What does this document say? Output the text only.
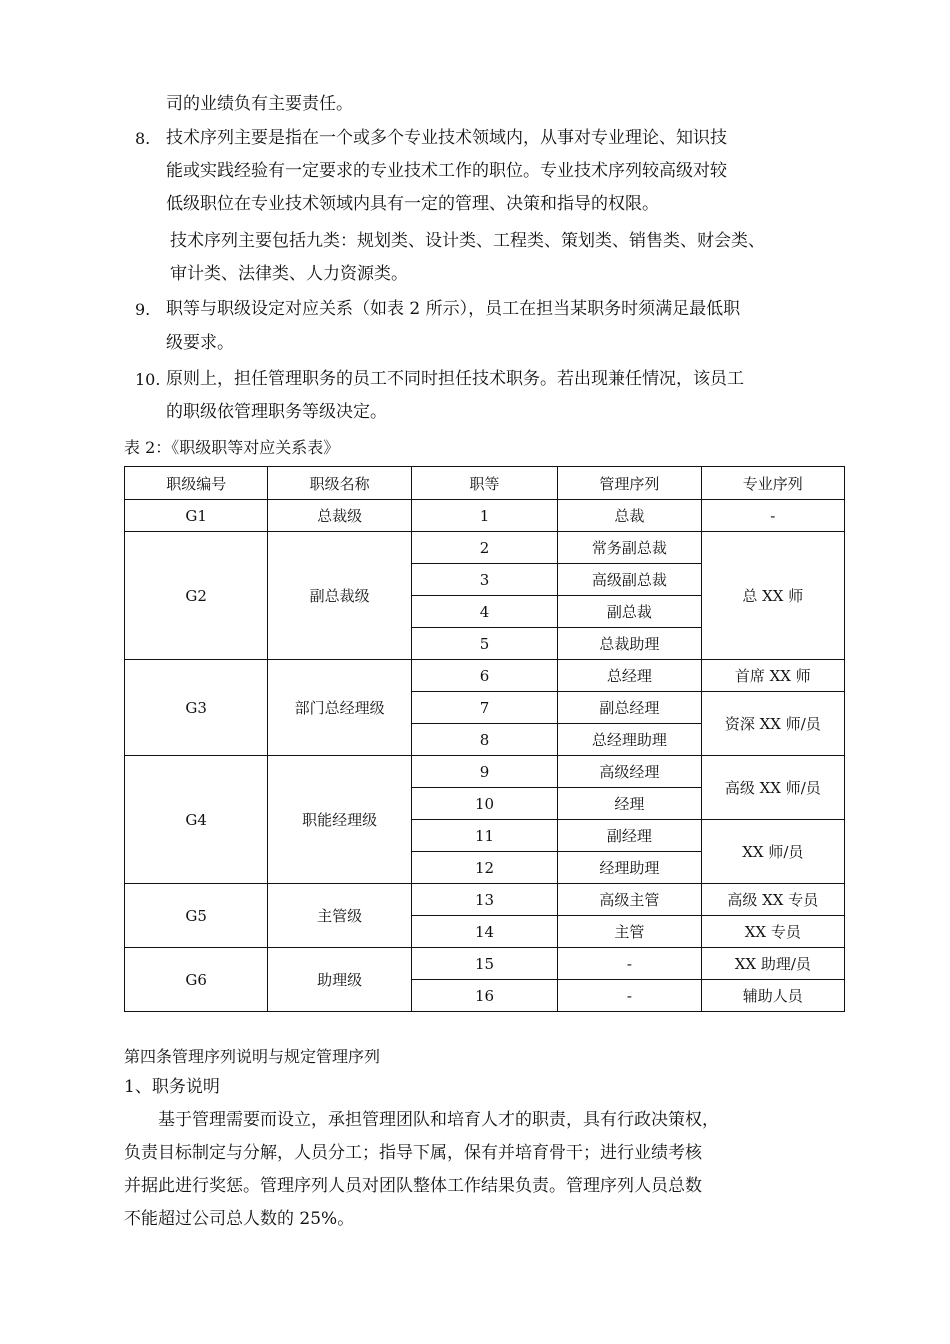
司的业绩负有主要责任。
8. 技术序列主要是指在一个或多个专业技术领域内，从事对专业理论、知识技
能或实践经验有一定要求的专业技术工作的职位。专业技术序列较高级对较
低级职位在专业技术领域内具有一定的管理、决策和指导的权限。
技术序列主要包括九类：规划类、设计类、工程类、策划类、销售类、财会类、
审计类、法律类、人力资源类。
9. 职等与职级设定对应关系（如表 2 所示），员工在担当某职务时须满足最低职
级要求。
10. 原则上，担任管理职务的员工不同时担任技术职务。若出现兼任情况，该员工
的职级依管理职务等级决定。
表 2：《职级职等对应关系表》
职级编号	职级名称	职等	管理序列	专业序列
G1	总裁级	1	总裁	-
G2	副总裁级	2	常务副总裁	总 XX 师
		3	高级副总裁	
		4	副总裁	
		5	总裁助理	
G3	部门总经理级	6	总经理	首席 XX 师
		7	副总经理	资深 XX 师/员
		8	总经理助理	
G4	职能经理级	9	高级经理	高级 XX 师/员
		10	经理	
		11	副经理	XX 师/员
		12	经理助理	
G5	主管级	13	高级主管	高级 XX 专员
		14	主管	XX 专员
G6	助理级	15	-	XX 助理/员
		16	-	辅助人员
第四条管理序列说明与规定管理序列
1、职务说明
基于管理需要而设立，承担管理团队和培育人才的职责，具有行政决策权，
负责目标制定与分解，人员分工；指导下属，保有并培育骨干；进行业绩考核
并据此进行奖惩。管理序列人员对团队整体工作结果负责。管理序列人员总数
不能超过公司总人数的 25%。
